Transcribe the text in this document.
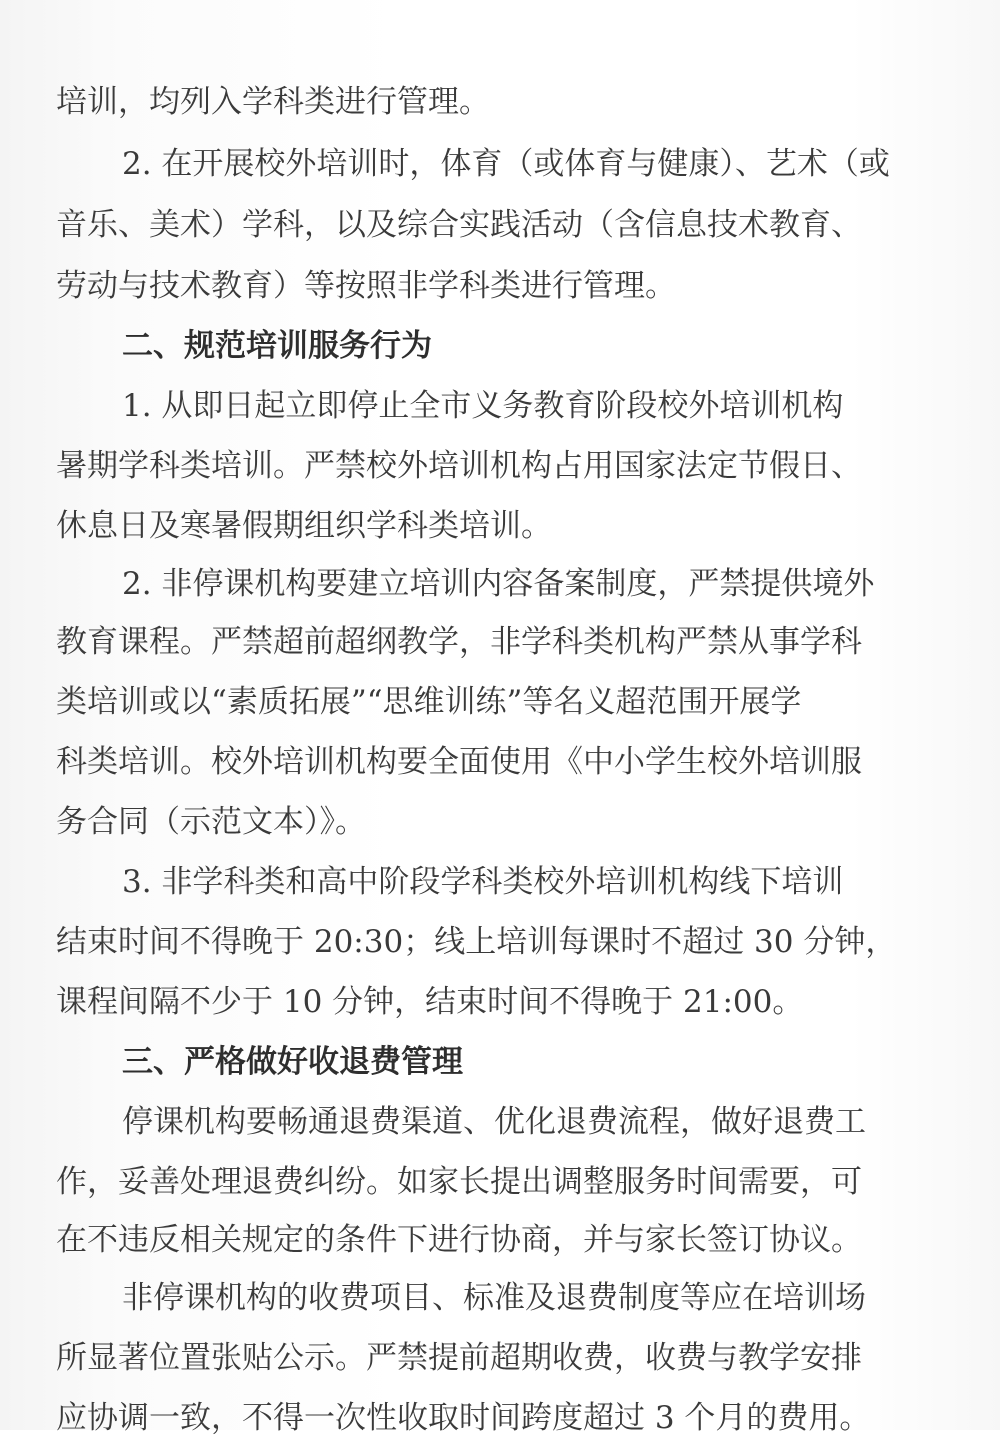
培训，均列入学科类进行管理。
2. 在开展校外培训时，体育（或体育与健康）、艺术（或
音乐、美术）学科，以及综合实践活动（含信息技术教育、
劳动与技术教育）等按照非学科类进行管理。
二、规范培训服务行为
1. 从即日起立即停止全市义务教育阶段校外培训机构
暑期学科类培训。严禁校外培训机构占用国家法定节假日、
休息日及寒暑假期组织学科类培训。
2. 非停课机构要建立培训内容备案制度，严禁提供境外
教育课程。严禁超前超纲教学，非学科类机构严禁从事学科
类培训或以“素质拓展”“思维训练”等名义超范围开展学
科类培训。校外培训机构要全面使用《中小学生校外培训服
务合同（示范文本）》。
3. 非学科类和高中阶段学科类校外培训机构线下培训
结束时间不得晚于 20:30；线上培训每课时不超过 30 分钟，
课程间隔不少于 10 分钟，结束时间不得晚于 21:00。
三、严格做好收退费管理
停课机构要畅通退费渠道、优化退费流程，做好退费工
作，妥善处理退费纠纷。如家长提出调整服务时间需要，可
在不违反相关规定的条件下进行协商，并与家长签订协议。
非停课机构的收费项目、标准及退费制度等应在培训场
所显著位置张贴公示。严禁提前超期收费，收费与教学安排
应协调一致，不得一次性收取时间跨度超过 3 个月的费用。
